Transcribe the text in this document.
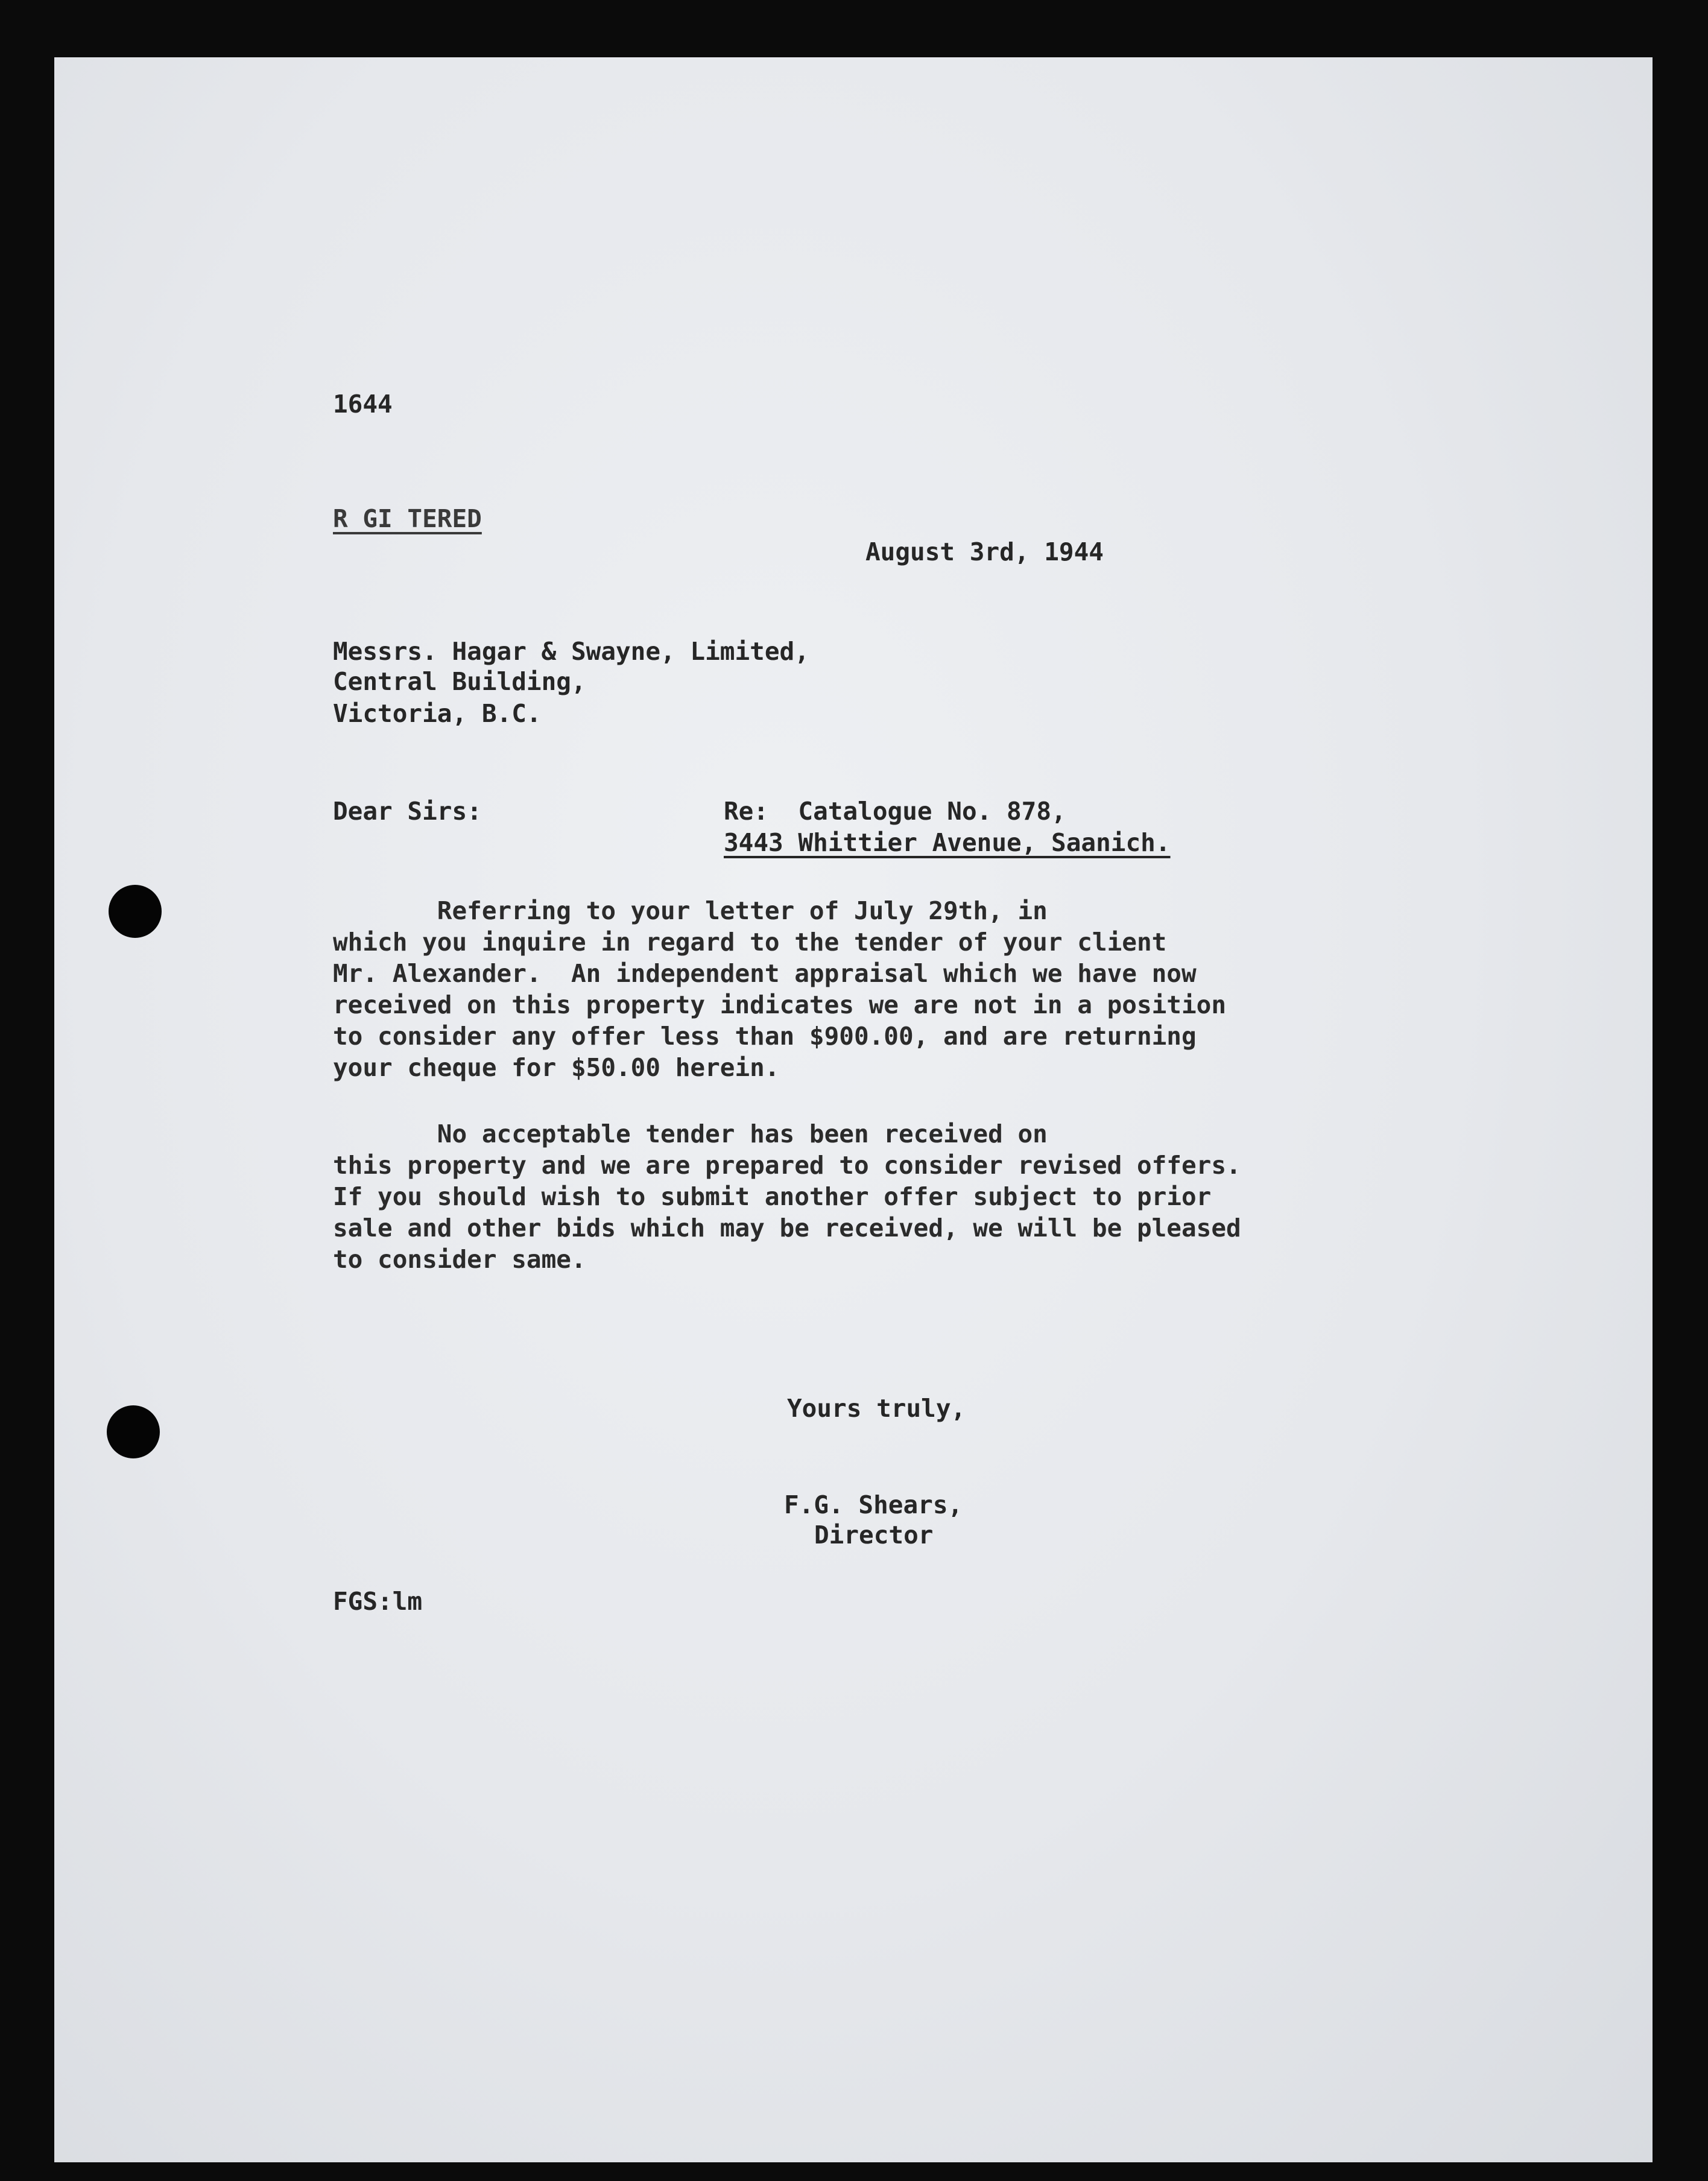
1644
R GI TERED
August 3rd, 1944
Messrs. Hagar & Swayne, Limited,
Central Building,
Victoria, B.C.
Dear Sirs:	Re:  Catalogue No. 878,
3443 Whittier Avenue, Saanich.
Referring to your letter of July 29th, in
which you inquire in regard to the tender of your client
Mr. Alexander.  An independent appraisal which we have now
received on this property indicates we are not in a position
to consider any offer less than $900.00, and are returning
your cheque for $50.00 herein.
No acceptable tender has been received on
this property and we are prepared to consider revised offers.
If you should wish to submit another offer subject to prior
sale and other bids which may be received, we will be pleased
to consider same.
Yours truly,
F.G. Shears,
Director
FGS:lm
